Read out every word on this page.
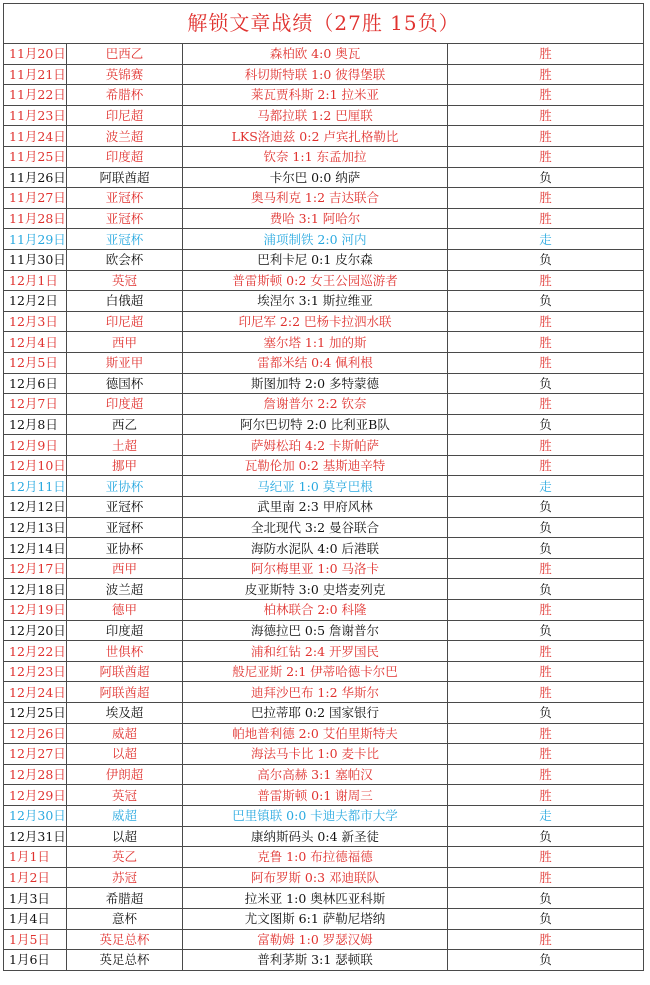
解锁文章战绩（27胜 15负）			
11月20日	巴西乙	森柏欧 4:0 奥瓦	胜
11月21日	英锦赛	科切斯特联 1:0 彼得堡联	胜
11月22日	希腊杯	莱瓦贾科斯 2:1 拉米亚	胜
11月23日	印尼超	马都拉联 1:2 巴厘联	胜
11月24日	波兰超	LKS洛迪兹 0:2 卢宾扎格勒比	胜
11月25日	印度超	钦奈 1:1 东孟加拉	胜
11月26日	阿联酋超	卡尔巴 0:0 纳萨	负
11月27日	亚冠杯	奥马利克 1:2 吉达联合	胜
11月28日	亚冠杯	费哈 3:1 阿哈尔	胜
11月29日	亚冠杯	浦项制铁 2:0 河内	走
11月30日	欧会杯	巴利卡尼 0:1 皮尔森	负
12月1日	英冠	普雷斯顿 0:2 女王公园巡游者	胜
12月2日	白俄超	埃涅尔 3:1 斯拉维亚	负
12月3日	印尼超	印尼军 2:2 巴杨卡拉泗水联	胜
12月4日	西甲	塞尔塔 1:1 加的斯	胜
12月5日	斯亚甲	雷都米结 0:4 佩利根	胜
12月6日	德国杯	斯图加特 2:0 多特蒙德	负
12月7日	印度超	詹谢普尔 2:2 钦奈	胜
12月8日	西乙	阿尔巴切特 2:0 比利亚B队	负
12月9日	土超	萨姆松珀 4:2 卡斯帕萨	胜
12月10日	挪甲	瓦勒伦加 0:2 基斯迪辛特	胜
12月11日	亚协杯	马纪亚 1:0 莫亨巴根	走
12月12日	亚冠杯	武里南 2:3 甲府风林	负
12月13日	亚冠杯	全北现代 3:2 曼谷联合	负
12月14日	亚协杯	海防水泥队 4:0 后港联	负
12月17日	西甲	阿尔梅里亚 1:0 马洛卡	胜
12月18日	波兰超	皮亚斯特 3:0 史塔麦列克	负
12月19日	德甲	柏林联合 2:0 科隆	胜
12月20日	印度超	海德拉巴 0:5 詹谢普尔	负
12月22日	世俱杯	浦和红钻 2:4 开罗国民	胜
12月23日	阿联酋超	般尼亚斯 2:1 伊蒂哈德卡尔巴	胜
12月24日	阿联酋超	迪拜沙巴布 1:2 华斯尔	胜
12月25日	埃及超	巴拉蒂耶 0:2 国家银行	负
12月26日	威超	帕地普利德 2:0 艾伯里斯特夫	胜
12月27日	以超	海法马卡比 1:0 麦卡比	胜
12月28日	伊朗超	高尔高赫 3:1 塞帕汉	胜
12月29日	英冠	普雷斯顿 0:1 谢周三	胜
12月30日	威超	巴里镇联 0:0 卡迪夫都市大学	走
12月31日	以超	康纳斯码头 0:4 新圣徒	负
1月1日	英乙	克鲁 1:0 布拉德福德	胜
1月2日	苏冠	阿布罗斯 0:3 邓迪联队	胜
1月3日	希腊超	拉米亚 1:0 奥林匹亚科斯	负
1月4日	意杯	尤文图斯 6:1 萨勒尼塔纳	负
1月5日	英足总杯	富勒姆 1:0 罗瑟汉姆	胜
1月6日	英足总杯	普利茅斯 3:1 瑟顿联	负
